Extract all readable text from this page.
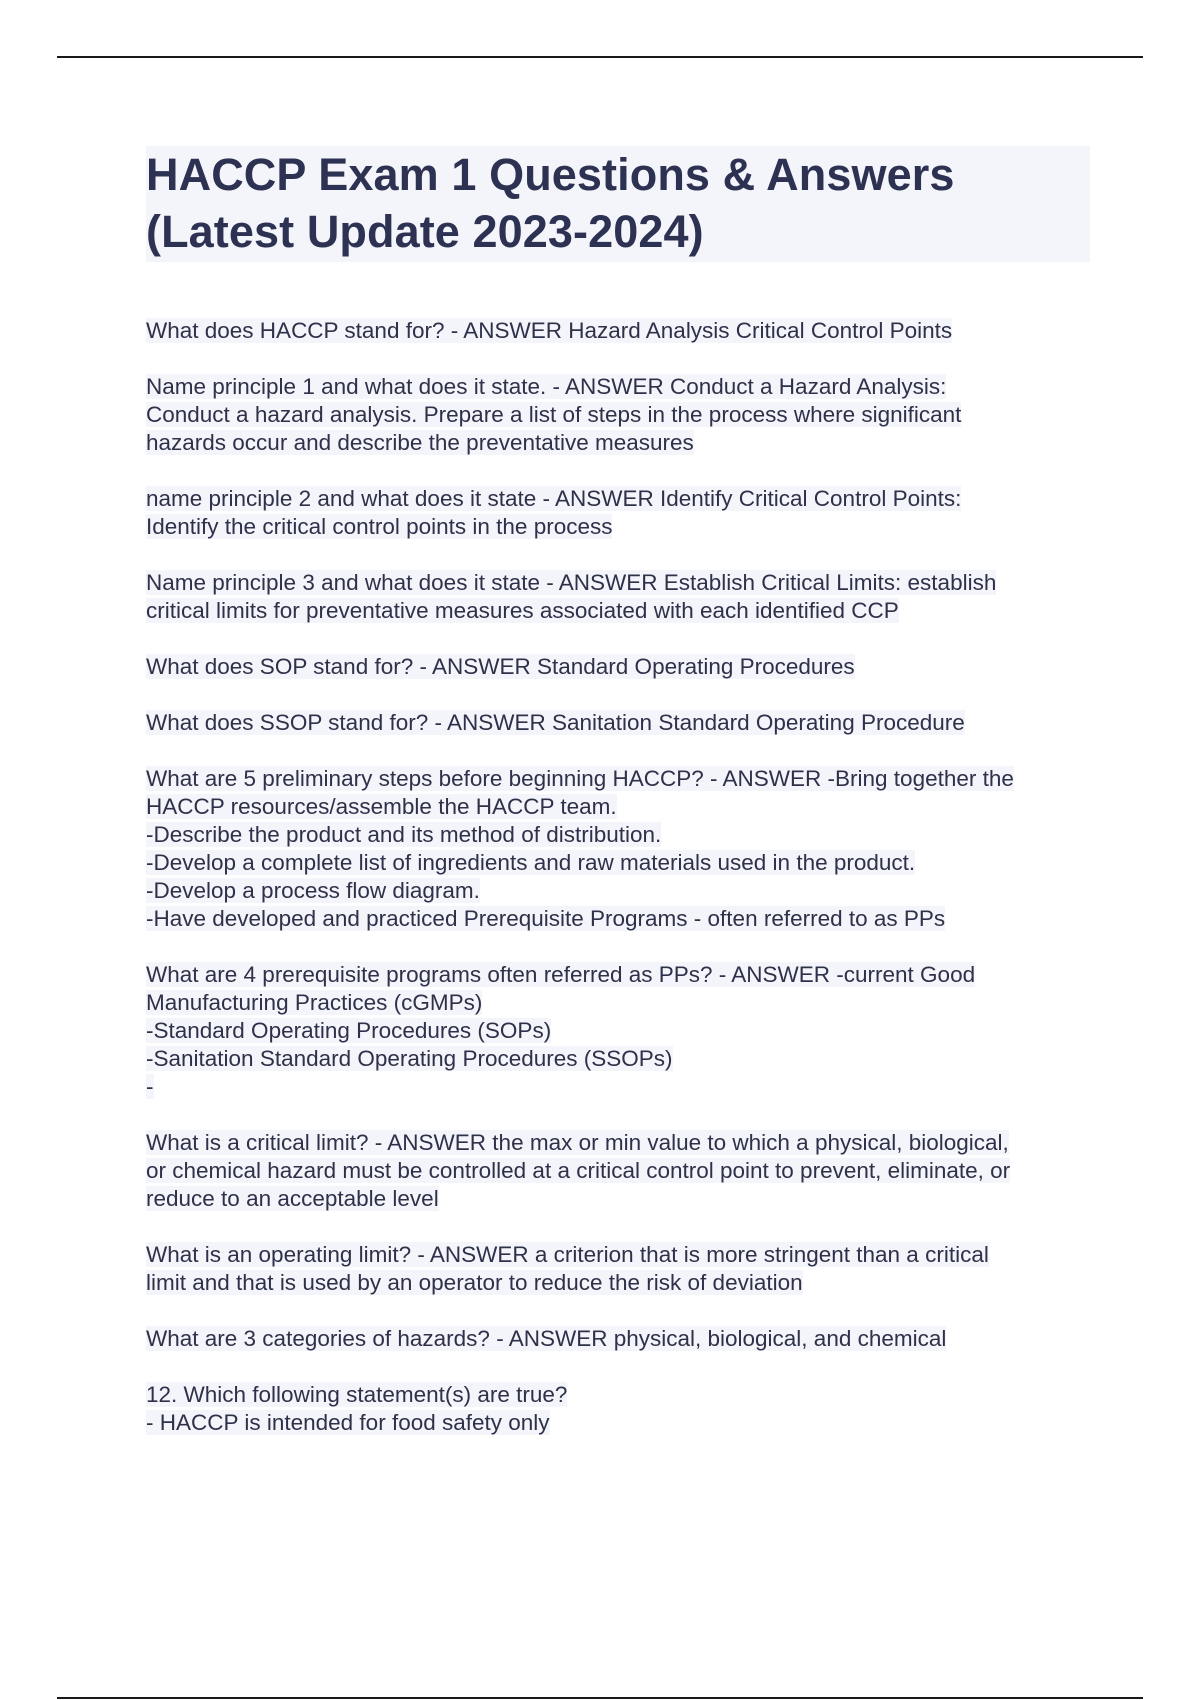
HACCP Exam 1 Questions & Answers
(Latest Update 2023-2024)
What does HACCP stand for? - ANSWER Hazard Analysis Critical Control Points
Name principle 1 and what does it state. - ANSWER Conduct a Hazard Analysis:
Conduct a hazard analysis. Prepare a list of steps in the process where significant
hazards occur and describe the preventative measures
name principle 2 and what does it state - ANSWER Identify Critical Control Points:
Identify the critical control points in the process
Name principle 3 and what does it state - ANSWER Establish Critical Limits: establish
critical limits for preventative measures associated with each identified CCP
What does SOP stand for? - ANSWER Standard Operating Procedures
What does SSOP stand for? - ANSWER Sanitation Standard Operating Procedure
What are 5 preliminary steps before beginning HACCP? - ANSWER -Bring together the
HACCP resources/assemble the HACCP team.
-Describe the product and its method of distribution.
-Develop a complete list of ingredients and raw materials used in the product.
-Develop a process flow diagram.
-Have developed and practiced Prerequisite Programs - often referred to as PPs
What are 4 prerequisite programs often referred as PPs? - ANSWER -current Good
Manufacturing Practices (cGMPs)
-Standard Operating Procedures (SOPs)
-Sanitation Standard Operating Procedures (SSOPs)
-
What is a critical limit? - ANSWER the max or min value to which a physical, biological,
or chemical hazard must be controlled at a critical control point to prevent, eliminate, or
reduce to an acceptable level
What is an operating limit? - ANSWER a criterion that is more stringent than a critical
limit and that is used by an operator to reduce the risk of deviation
What are 3 categories of hazards? - ANSWER physical, biological, and chemical
12. Which following statement(s) are true?
- HACCP is intended for food safety only
